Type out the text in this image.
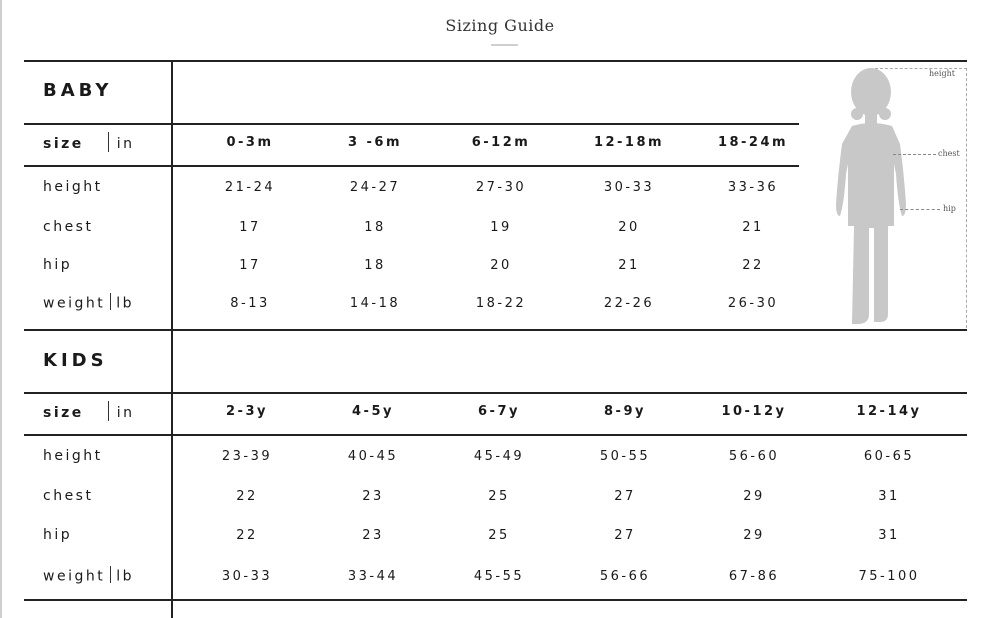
Sizing Guide
BABY
size in	0-3m	3 -6m	6-12m	12-18m	18-24m
height	21-24	24-27	27-30	30-33	33-36
chest	17	18	19	20	21
hip	17	18	20	21	22
weight lb	8-13	14-18	18-22	22-26	26-30
KIDS
size in	2-3y	4-5y	6-7y	8-9y	10-12y	12-14y
height	23-39	40-45	45-49	50-55	56-60	60-65
chest	22	23	25	27	29	31
hip	22	23	25	27	29	31
weight lb	30-33	33-44	45-55	56-66	67-86	75-100
height
chest
hip
